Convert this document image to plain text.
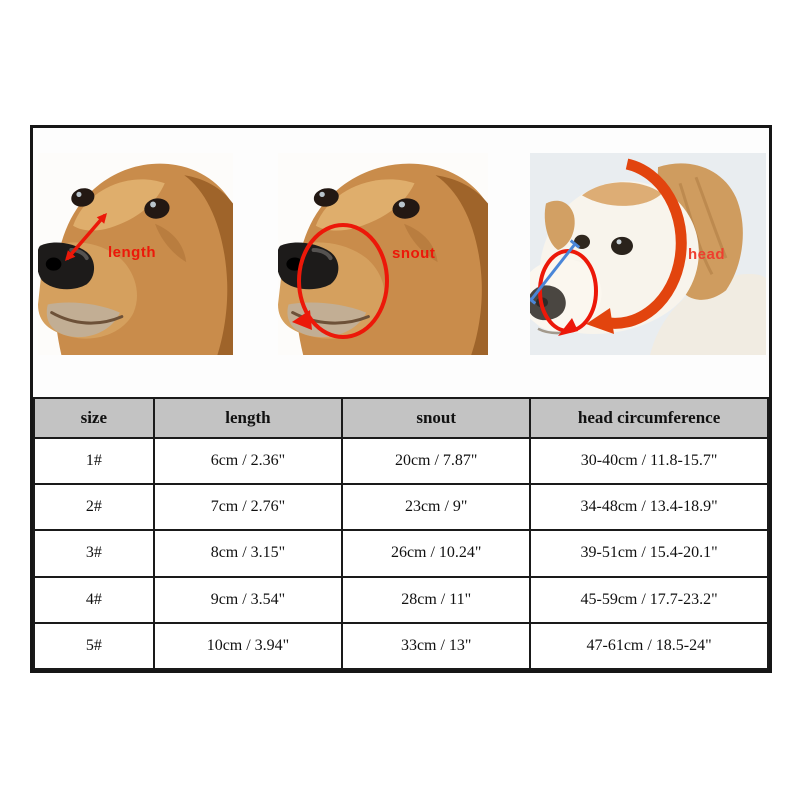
length	snout	head
size	length	snout	head circumference
1#	6cm / 2.36"	20cm / 7.87"	30-40cm / 11.8-15.7"
2#	7cm / 2.76"	23cm / 9"	34-48cm / 13.4-18.9"
3#	8cm / 3.15"	26cm / 10.24"	39-51cm / 15.4-20.1"
4#	9cm / 3.54"	28cm / 11"	45-59cm / 17.7-23.2"
5#	10cm / 3.94"	33cm / 13"	47-61cm / 18.5-24"
